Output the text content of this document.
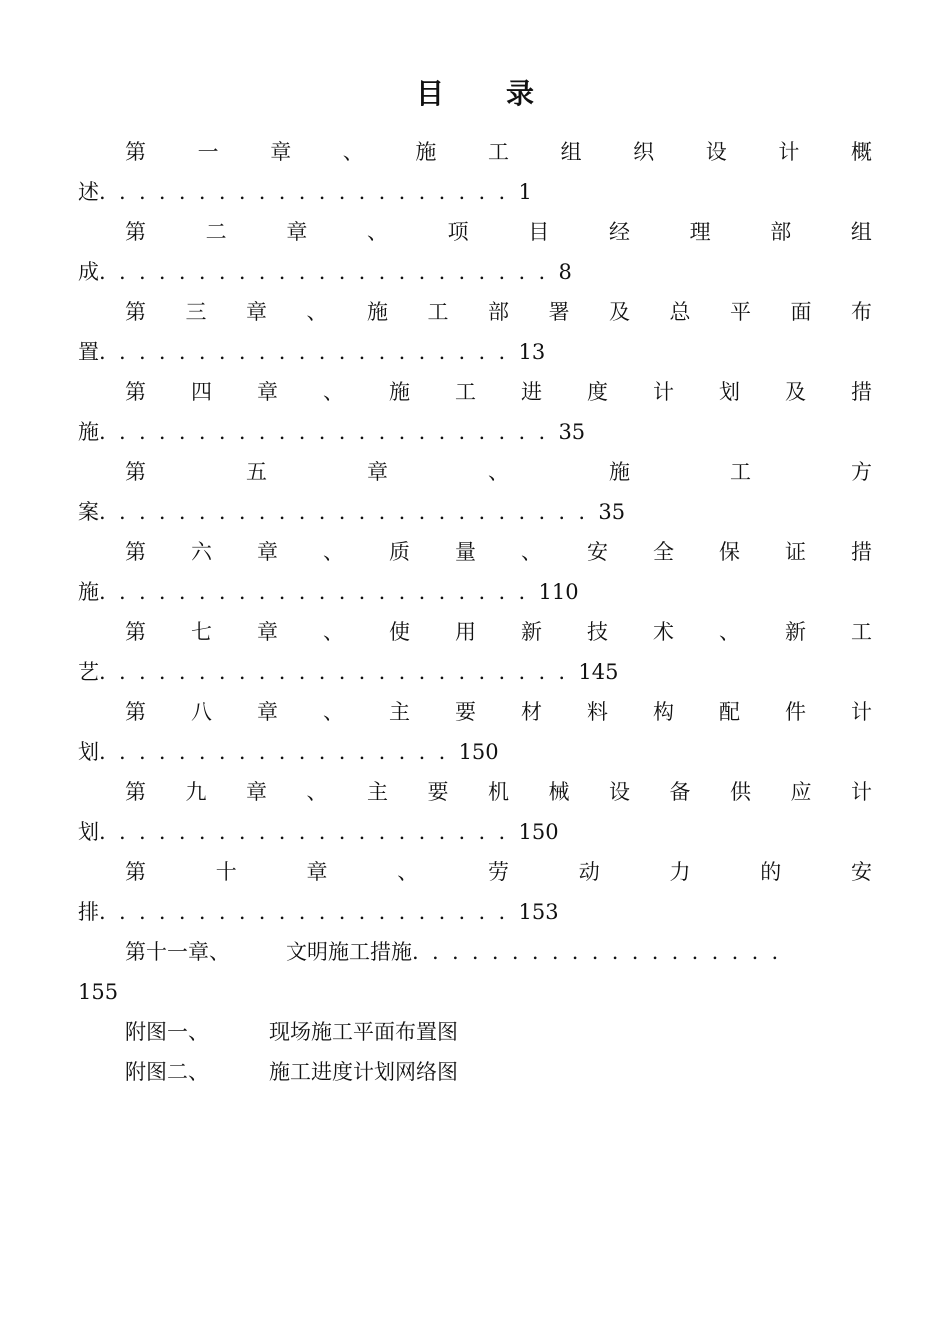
目录
第 一 章 、 施 工 组 织 设 计 概
述.....................1
第	二	章	、	项	目	经	理	部	组
成.......................8
第 三 章 、 施 工 部 署 及 总 平 面 布
置.....................13
第 四 章 、 施 工 进 度 计 划 及 措
施.......................35
第	五	章	、	施	工	方
案.........................35
第 六 章 、 质 量 、 安 全 保 证 措
施......................110
第 七 章 、 使 用 新 技 术 、 新 工
艺........................145
第 八 章 、 主 要 材 料 构 配 件 计
划..................150
第 九 章 、 主 要 机 械 设 备 供 应 计
划.....................150
第	十	章	、	劳	动	力	的	安
排.....................153
第十一章、	文明施工措施...................
155
附图一、	现场施工平面布置图
附图二、	施工进度计划网络图
